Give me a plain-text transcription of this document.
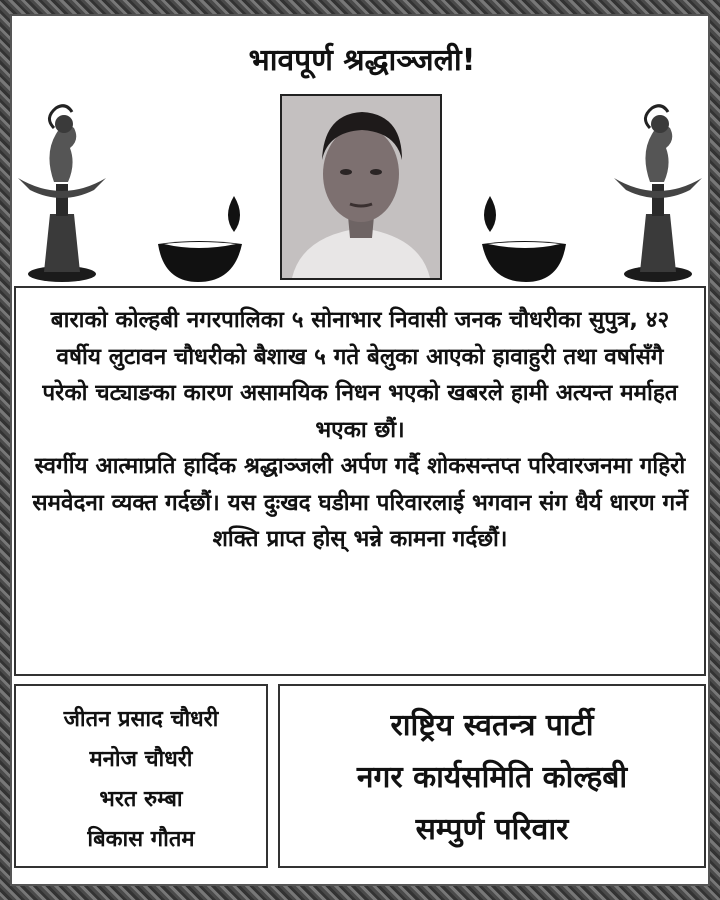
भावपूर्ण श्रद्धाञ्जली!

बाराको कोल्हबी नगरपालिका ५ सोनाभार निवासी जनक चौधरीका सुपुत्र, ४२ वर्षीय लुटावन चौधरीको बैशाख ५ गते बेलुका आएको हावाहुरी तथा वर्षासँगै परेको चट्याङका कारण असामयिक निधन भएको खबरले हामी अत्यन्त मर्माहत भएका छौं।

स्वर्गीय आत्माप्रति हार्दिक श्रद्धाञ्जली अर्पण गर्दै शोकसन्तप्त परिवारजनमा गहिरो समवेदना व्यक्त गर्दछौं। यस दुःखद घडीमा परिवारलाई भगवान संग धैर्य धारण गर्ने शक्ति प्राप्त होस् भन्ने कामना गर्दछौं।

जीतन प्रसाद चौधरी
मनोज चौधरी
भरत रुम्बा
बिकास गौतम
राष्ट्रिय स्वतन्त्र पार्टी
नगर कार्यसमिति कोल्हबी
सम्पुर्ण परिवार
